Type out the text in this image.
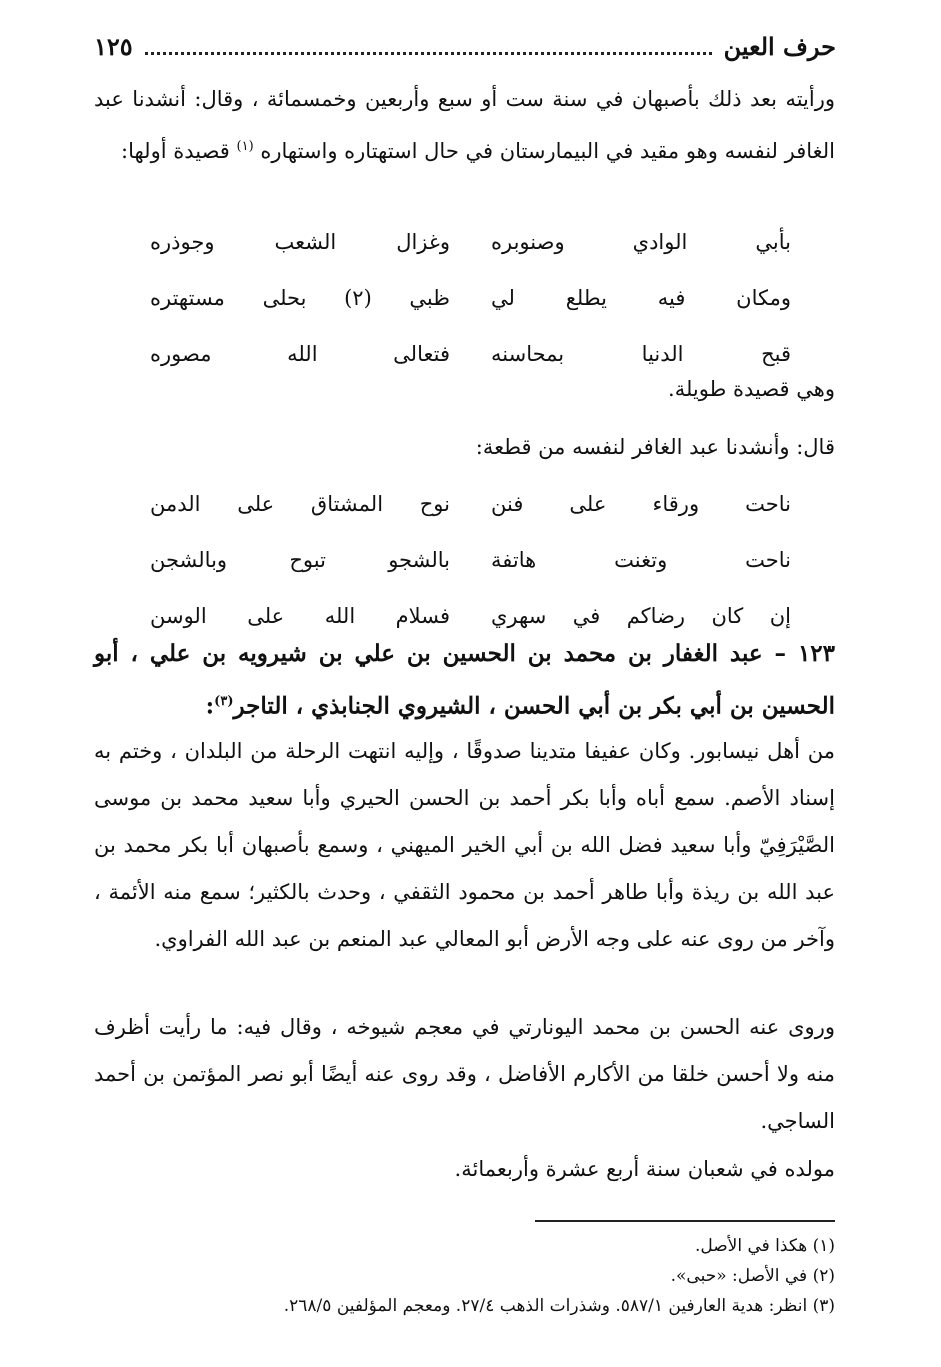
حرف العين
١٢٥
ورأيته بعد ذلك بأصبهان في سنة ست أو سبع وأربعين وخمسمائة ، وقال: أنشدنا عبد الغافر لنفسه وهو مقيد في البيمارستان في حال استهتاره واستهاره $^{(١)}$ قصيدة أولها:
بأبي الوادي وصنوبره
وغزال الشعب وجوذره
ومكان فيه يطلع لي
ظبي (٢) بحلى مستهتره
قبح الدنيا بمحاسنه
فتعالى الله مصوره
وهي قصيدة طويلة.
قال: وأنشدنا عبد الغافر لنفسه من قطعة:
ناحت ورقاء على فنن
نوح المشتاق على الدمن
ناحت وتغنت هاتفة
بالشجو تبوح وبالشجن
إن كان رضاكم في سهري
فسلام الله على الوسن
١٢٣ – عبد الغفار بن محمد بن الحسين بن علي بن شيرويه بن علي ، أبو الحسين بن أبي بكر بن أبي الحسن ، الشيروي الجنابذي ، التاجر$^{(٣)}$:
من أهل نيسابور. وكان عفيفا متدينا صدوقًا ، وإليه انتهت الرحلة من البلدان ، وختم به إسناد الأصم. سمع أباه وأبا بكر أحمد بن الحسن الحيري وأبا سعيد محمد بن موسى الصَّيْرَفِيّ وأبا سعيد فضل الله بن أبي الخير الميهني ، وسمع بأصبهان أبا بكر محمد بن عبد الله بن ريذة وأبا طاهر أحمد بن محمود الثقفي ، وحدث بالكثير؛ سمع منه الأئمة ، وآخر من روى عنه على وجه الأرض أبو المعالي عبد المنعم بن عبد الله الفراوي.
وروى عنه الحسن بن محمد اليونارتي في معجم شيوخه ، وقال فيه: ما رأيت أظرف منه ولا أحسن خلقا من الأكارم الأفاضل ، وقد روى عنه أيضًا أبو نصر المؤتمن بن أحمد الساجي.
مولده في شعبان سنة أربع عشرة وأربعمائة.
(١) هكذا في الأصل.
(٢) في الأصل: «حبى».
(٣) انظر: هدية العارفين ٥٨٧/١. وشذرات الذهب ٢٧/٤. ومعجم المؤلفين ٢٦٨/٥.
